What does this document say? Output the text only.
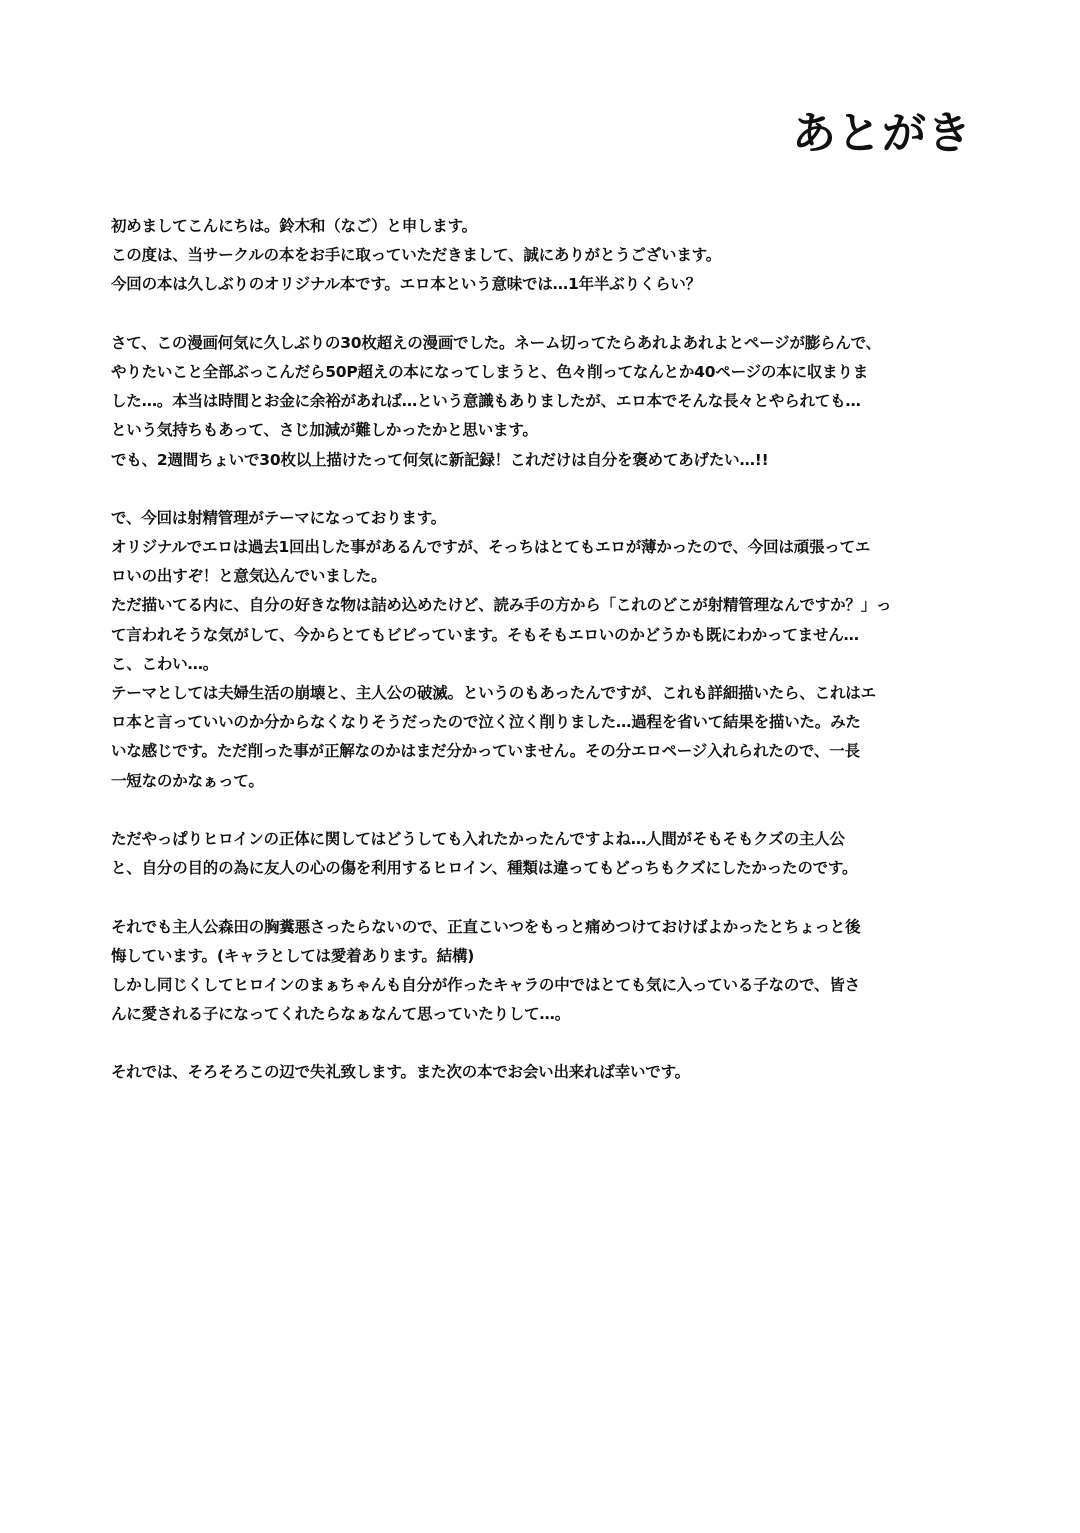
あとがき
初めましてこんにちは。鈴木和（なご）と申します。
この度は、当サークルの本をお手に取っていただきまして、誠にありがとうございます。
今回の本は久しぶりのオリジナル本です。エロ本という意味では…1年半ぶりくらい？
さて、この漫画何気に久しぶりの30枚超えの漫画でした。ネーム切ってたらあれよあれよとページが膨らんで、
やりたいこと全部ぶっこんだら50P超えの本になってしまうと、色々削ってなんとか40ページの本に収まりま
した…。本当は時間とお金に余裕があれば…という意識もありましたが、エロ本でそんな長々とやられても…
という気持ちもあって、さじ加減が難しかったかと思います。
でも、2週間ちょいで30枚以上描けたって何気に新記録！これだけは自分を褒めてあげたい…!!
で、今回は射精管理がテーマになっております。
オリジナルでエロは過去1回出した事があるんですが、そっちはとてもエロが薄かったので、今回は頑張ってエ
ロいの出すぞ！と意気込んでいました。
ただ描いてる内に、自分の好きな物は詰め込めたけど、読み手の方から「これのどこが射精管理なんですか？」っ
て言われそうな気がして、今からとてもビビっています。そもそもエロいのかどうかも既にわかってません…
こ、こわい…。
テーマとしては夫婦生活の崩壊と、主人公の破滅。というのもあったんですが、これも詳細描いたら、これはエ
ロ本と言っていいのか分からなくなりそうだったので泣く泣く削りました…過程を省いて結果を描いた。みた
いな感じです。ただ削った事が正解なのかはまだ分かっていません。その分エロページ入れられたので、一長
一短なのかなぁって。
ただやっぱりヒロインの正体に関してはどうしても入れたかったんですよね…人間がそもそもクズの主人公
と、自分の目的の為に友人の心の傷を利用するヒロイン、種類は違ってもどっちもクズにしたかったのです。
それでも主人公森田の胸糞悪さったらないので、正直こいつをもっと痛めつけておけばよかったとちょっと後
悔しています。(キャラとしては愛着あります。結構)
しかし同じくしてヒロインのまぁちゃんも自分が作ったキャラの中ではとても気に入っている子なので、皆さ
んに愛される子になってくれたらなぁなんて思っていたりして…。
それでは、そろそろこの辺で失礼致します。また次の本でお会い出来れば幸いです。
